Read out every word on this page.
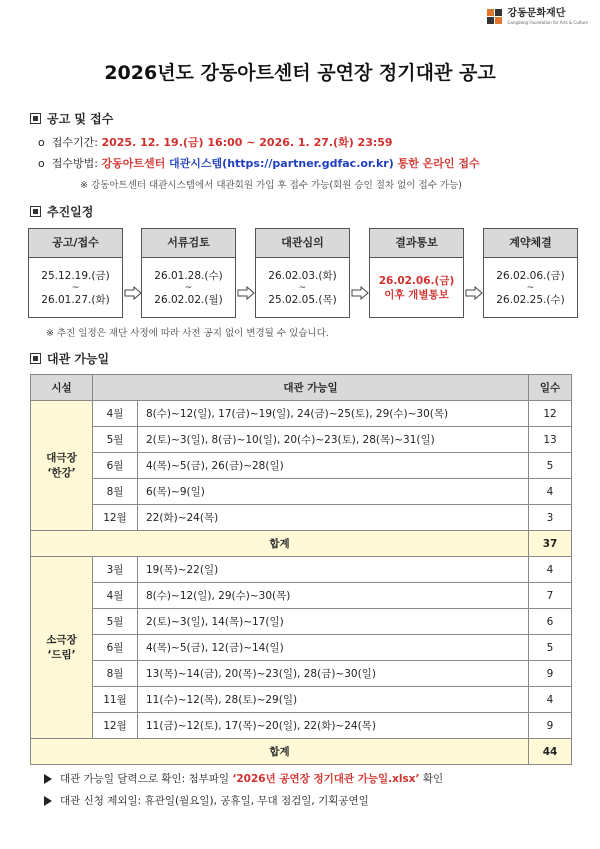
강동문화재단
Gangdong Foundation for Arts & Culture
2026년도 강동아트센터 공연장 정기대관 공고
공고 및 접수
ο 접수기간: 2025. 12. 19.(금) 16:00 ~ 2026. 1. 27.(화) 23:59
ο 접수방법: 강동아트센터 대관시스템(https://partner.gdfac.or.kr) 통한 온라인 접수
※ 강동아트센터 대관시스템에서 대관회원 가입 후 접수 가능(회원 승인 절차 없이 접수 가능)
추진일정
공고/접수
25.12.19.(금)
~
26.01.27.(화)
서류검토
26.01.28.(수)
~
26.02.02.(월)
대관심의
26.02.03.(화)
~
25.02.05.(목)
결과통보
26.02.06.(금)
이후 개별통보
계약체결
26.02.06.(금)
~
26.02.25.(수)
※ 추진 일정은 재단 사정에 따라 사전 공지 없이 변경될 수 있습니다.
대관 가능일
시설	대관 가능일		일수
대극장
‘한강’	4월	8(수)~12(일), 17(금)~19(일), 24(금)~25(토), 29(수)~30(목)	12
	5월	2(토)~3(일), 8(금)~10(일), 20(수)~23(토), 28(목)~31(일)	13
	6월	4(목)~5(금), 26(금)~28(일)	5
	8월	6(목)~9(일)	4
	12월	22(화)~24(목)	3
합계			37
소극장
‘드림’	3월	19(목)~22(일)	4
	4월	8(수)~12(일), 29(수)~30(목)	7
	5월	2(토)~3(일), 14(목)~17(일)	6
	6월	4(목)~5(금), 12(금)~14(일)	5
	8월	13(목)~14(금), 20(목)~23(일), 28(금)~30(일)	9
	11월	11(수)~12(목), 28(토)~29(일)	4
	12월	11(금)~12(토), 17(목)~20(일), 22(화)~24(목)	9
합계			44
대관 가능일 달력으로 확인: 첨부파일 ‘2026년 공연장 정기대관 가능일.xlsx’ 확인
대관 신청 제외일: 휴관일(월요일), 공휴일, 무대 점검일, 기획공연일
